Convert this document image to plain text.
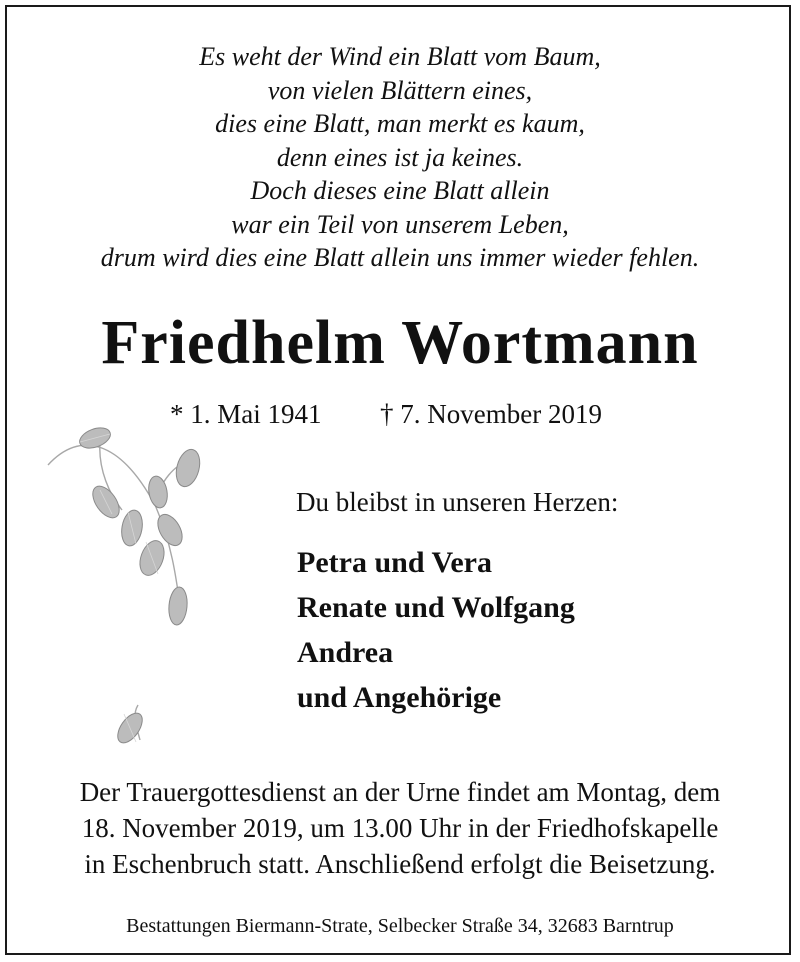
Es weht der Wind ein Blatt vom Baum,
von vielen Blättern eines,
dies eine Blatt, man merkt es kaum,
denn eines ist ja keines.
Doch dieses eine Blatt allein
war ein Teil von unserem Leben,
drum wird dies eine Blatt allein uns immer wieder fehlen.
Friedhelm Wortmann
* 1. Mai 1941 † 7. November 2019
Du bleibst in unseren Herzen:
Petra und Vera
Renate und Wolfgang
Andrea
und Angehörige
Der Trauergottesdienst an der Urne findet am Montag, dem
18. November 2019, um 13.00 Uhr in der Friedhofskapelle
in Eschenbruch statt. Anschließend erfolgt die Beisetzung.
Bestattungen Biermann-Strate, Selbecker Straße 34, 32683 Barntrup
